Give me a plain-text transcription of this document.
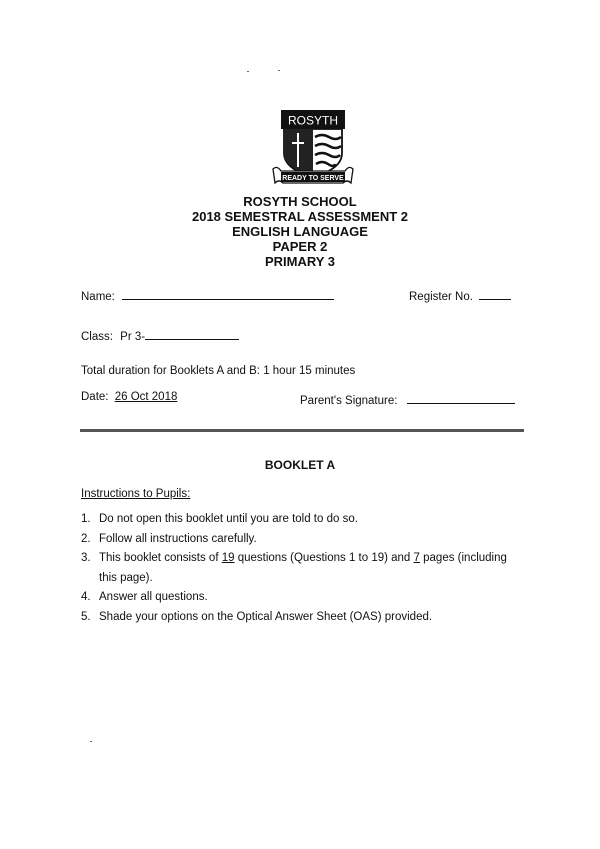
ROSYTH
READY TO SERVE
ROSYTH SCHOOL
2018 SEMESTRAL ASSESSMENT 2
ENGLISH LANGUAGE
PAPER 2
PRIMARY 3
Name:	Register No.
Class: Pr 3-
Total duration for Booklets A and B: 1 hour 15 minutes
Date: 26 Oct 2018	Parent's Signature:
BOOKLET A
Instructions to Pupils:
1. Do not open this booklet until you are told to do so.
2. Follow all instructions carefully.
3. This booklet consists of 19 questions (Questions 1 to 19) and 7 pages (including this page).
4. Answer all questions.
5. Shade your options on the Optical Answer Sheet (OAS) provided.
